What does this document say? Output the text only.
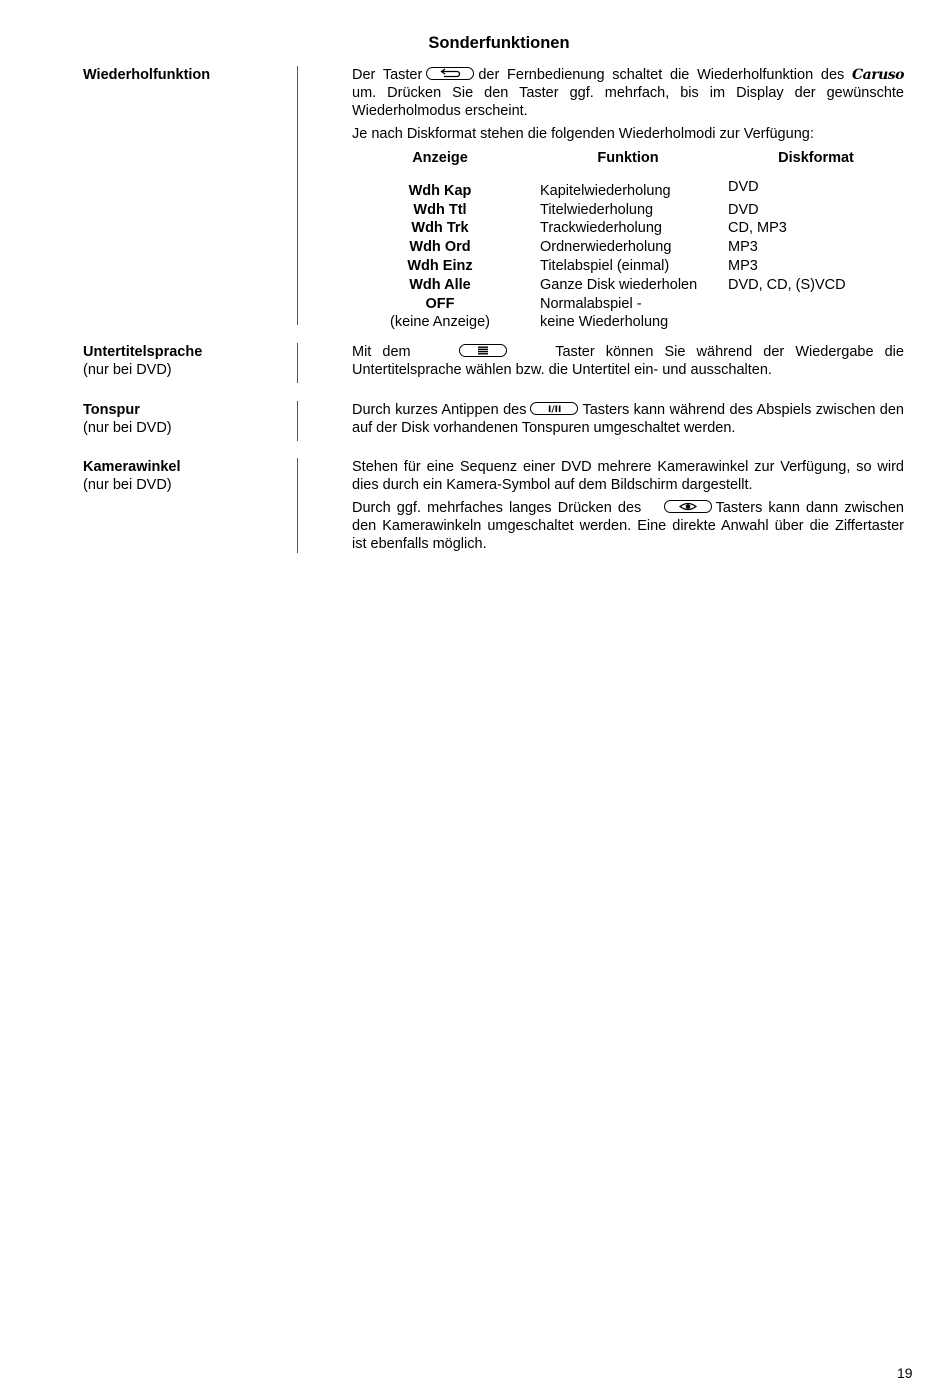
Sonderfunktionen
Wiederholfunktion	Der Taster	der Fernbedienung schaltet die Wiederholfunktion des Caruso um. Drücken Sie den Taster ggf. mehrfach, bis im Display der gewünschte Wiederholmodus erscheint.

Je nach Diskformat stehen die folgenden Wiederholmodi zur Verfügung:

Anzeige	Funktion	Diskformat
Wdh Kap	Kapitelwiederholung	DVD
Wdh Ttl	Titelwiederholung	DVD
Wdh Trk	Trackwiederholung	CD, MP3
Wdh Ord	Ordnerwiederholung	MP3
Wdh Einz	Titelabspiel (einmal)	MP3
Wdh Alle	Ganze Disk wiederholen	DVD, CD, (S)VCD
OFF	Normalabspiel -	
(keine Anzeige)	keine Wiederholung	
Untertitelsprache
(nur bei DVD)

Mit dem	Taster können Sie während der Wiedergabe die Untertitelsprache wählen bzw. die Untertitel ein- und ausschalten.

Tonspur
(nur bei DVD)

Durch kurzes Antippen des I/II Tasters kann während des Abspiels zwischen den auf der Disk vorhandenen Tonspuren umgeschaltet werden.

Kamerawinkel
(nur bei DVD)

Stehen für eine Sequenz einer DVD mehrere Kamerawinkel zur Verfügung, so wird dies durch ein Kamera-Symbol auf dem Bildschirm dargestellt.

Durch ggf. mehrfaches langes Drücken des	Tasters kann dann zwischen den Kamerawinkeln umgeschaltet werden. Eine direkte Anwahl über die Ziffertaster ist ebenfalls möglich.

19
